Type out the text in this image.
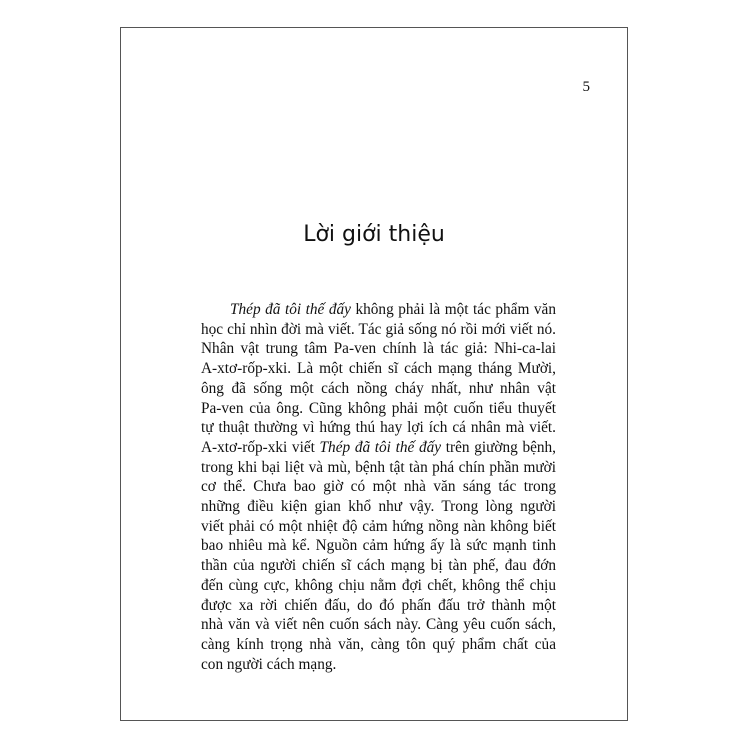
5
Lời giới thiệu
Thép đã tôi thế đấy không phải là một tác phẩm văn
học chỉ nhìn đời mà viết. Tác giả sống nó rồi mới viết nó.
Nhân vật trung tâm Pa-ven chính là tác giả: Nhi-ca-lai
A-xtơ-rốp-xki. Là một chiến sĩ cách mạng tháng Mười,
ông đã sống một cách nồng cháy nhất, như nhân vật
Pa-ven của ông. Cũng không phải một cuốn tiểu thuyết
tự thuật thường vì hứng thú hay lợi ích cá nhân mà viết.
A-xtơ-rốp-xki viết Thép đã tôi thế đấy trên giường bệnh,
trong khi bại liệt và mù, bệnh tật tàn phá chín phần mười
cơ thể. Chưa bao giờ có một nhà văn sáng tác trong
những điều kiện gian khổ như vậy. Trong lòng người
viết phải có một nhiệt độ cảm hứng nồng nàn không biết
bao nhiêu mà kể. Nguồn cảm hứng ấy là sức mạnh tinh
thần của người chiến sĩ cách mạng bị tàn phế, đau đớn
đến cùng cực, không chịu nằm đợi chết, không thể chịu
được xa rời chiến đấu, do đó phấn đấu trở thành một
nhà văn và viết nên cuốn sách này. Càng yêu cuốn sách,
càng kính trọng nhà văn, càng tôn quý phẩm chất của
con người cách mạng.
